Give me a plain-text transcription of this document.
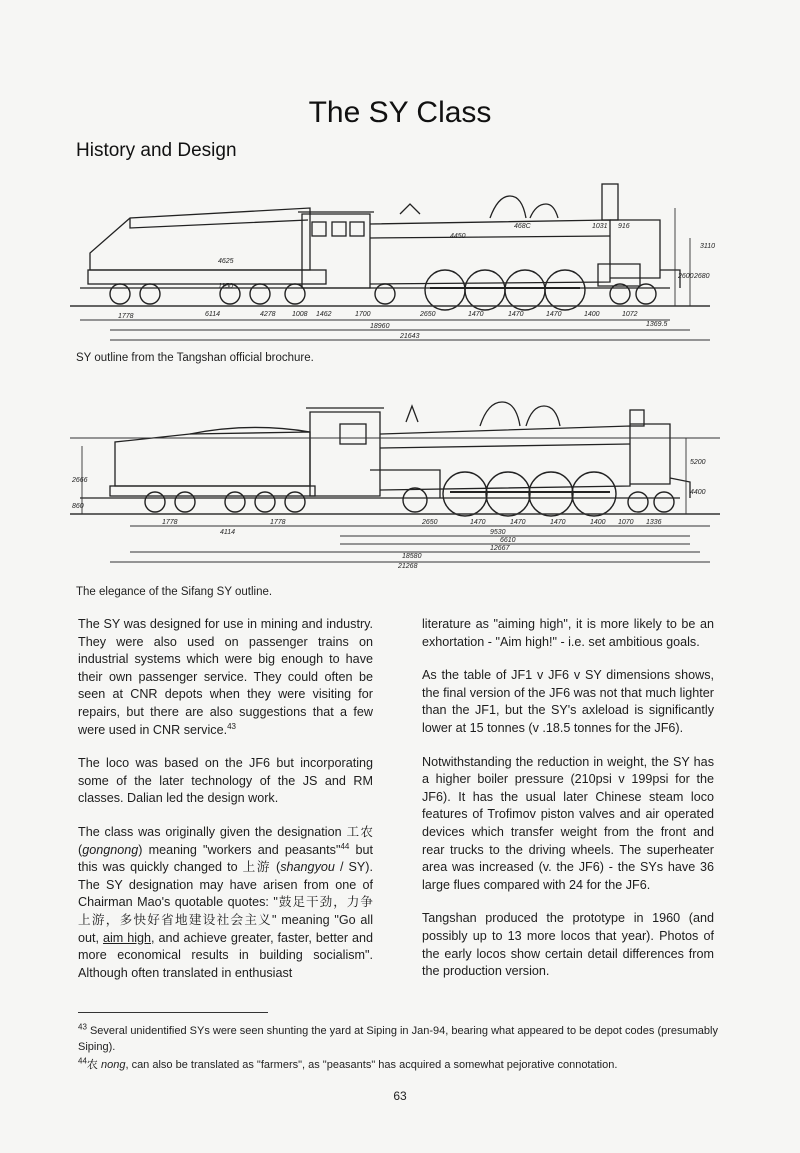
The SY Class
History and Design
1778	6114	4278 1008 1462	1700	2650	1470	1470	1470	1400	1072
1369.5
18960
21643
468C	1031 916
2600 2680
4450
1150
4625
3110
SY outline from the Tangshan official brochure.
1778
4114
1778	2650	1470	1470	1470	1400 1070 1336
9530
6610
12667
18580
21268
2666
860
5200
4400
The elegance of the Sifang SY outline.

The SY was designed for use in mining and industry. They were also used on passenger trains on industrial systems which were big enough to have their own passenger service. They could often be seen at CNR depots when they were visiting for repairs, but there are also suggestions that a few were used in CNR service.$^{43}$

The loco was based on the JF6 but incorporating some of the later technology of the JS and RM classes. Dalian led the design work.

The class was originally given the designation 工农 (gongnong) meaning "workers and peasants"$^{44}$ but this was quickly changed to 上游 (shangyou / SY). The SY designation may have arisen from one of Chairman Mao's quotable quotes: "鼓足干劲，力争上游，多快好省地建设社会主义" meaning "Go all out, aim high, and achieve greater, faster, better and more economical results in building socialism". Although often translated in enthusiast

literature as "aiming high", it is more likely to be an exhortation - "Aim high!" - i.e. set ambitious goals.

As the table of JF1 v JF6 v SY dimensions shows, the final version of the JF6 was not that much lighter than the JF1, but the SY's axleload is significantly lower at 15 tonnes (v .18.5 tonnes for the JF6).

Notwithstanding the reduction in weight, the SY has a higher boiler pressure (210psi v 199psi for the JF6). It has the usual later Chinese steam loco features of Trofimov piston valves and air operated devices which transfer weight from the front and rear trucks to the driving wheels. The superheater area was increased (v. the JF6) - the SYs have 36 large flues compared with 24 for the JF6.

Tangshan produced the prototype in 1960 (and possibly up to 13 more locos that year). Photos of the early locos show certain detail differences from the production version.

$^{43}$ Several unidentified SYs were seen shunting the yard at Siping in Jan-94, bearing what appeared to be depot codes (presumably Siping).

$^{44}$农 nong, can also be translated as "farmers", as "peasants" has acquired a somewhat pejorative connotation.

63
